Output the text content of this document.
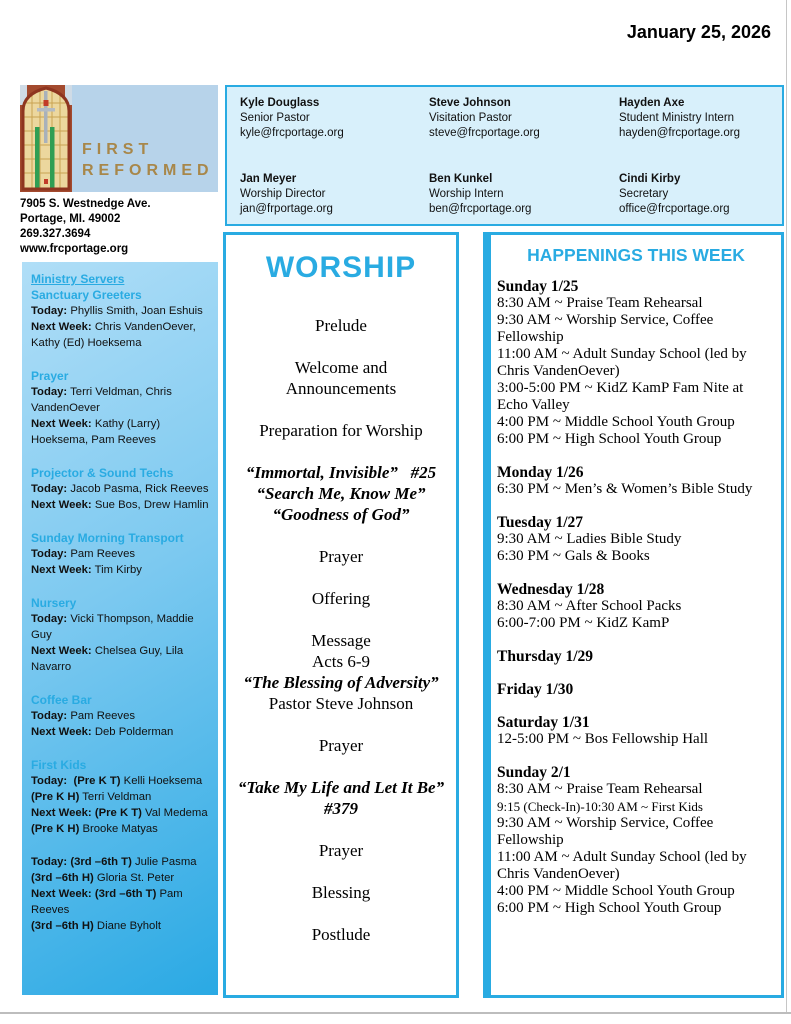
January 25, 2026
FIRST
REFORMED
7905 S. Westnedge Ave.
Portage, MI. 49002
269.327.3694
www.frcportage.org
Kyle Douglass
Senior Pastor
kyle@frcportage.org
Steve Johnson
Visitation Pastor
steve@frcportage.org
Hayden Axe
Student Ministry Intern
hayden@frcportage.org
Jan Meyer
Worship Director
jan@frportage.org
Ben Kunkel
Worship Intern
ben@frcportage.org
Cindi Kirby
Secretary
office@frcportage.org
Ministry Servers
Sanctuary Greeters
Today: Phyllis Smith, Joan Eshuis
Next Week: Chris VandenOever, Kathy (Ed) Hoeksema
Prayer
Today: Terri Veldman, Chris VandenOever
Next Week: Kathy (Larry) Hoeksema, Pam Reeves
Projector & Sound Techs
Today: Jacob Pasma, Rick Reeves
Next Week: Sue Bos, Drew Hamlin
Sunday Morning Transport
Today: Pam Reeves
Next Week: Tim Kirby
Nursery
Today: Vicki Thompson, Maddie Guy
Next Week: Chelsea Guy, Lila Navarro
Coffee Bar
Today: Pam Reeves
Next Week: Deb Polderman
First Kids
Today:  (Pre K T) Kelli Hoeksema
(Pre K H) Terri Veldman
Next Week: (Pre K T) Val Medema
(Pre K H) Brooke Matyas
Today: (3rd –6th T) Julie Pasma
(3rd –6th H) Gloria St. Peter
Next Week: (3rd –6th T) Pam Reeves
(3rd –6th H) Diane Byholt
WORSHIP
Prelude
Welcome and
Announcements
Preparation for Worship
“Immortal, Invisible”   #25
“Search Me, Know Me”
“Goodness of God”
Prayer
Offering
Message
Acts 6-9
“The Blessing of Adversity”
Pastor Steve Johnson
Prayer
“Take My Life and Let It Be”
#379
Prayer
Blessing
Postlude
HAPPENINGS THIS WEEK
Sunday 1/25
8:30 AM ~ Praise Team Rehearsal
9:30 AM ~ Worship Service, Coffee Fellowship
11:00 AM ~ Adult Sunday School (led by Chris VandenOever)
3:00-5:00 PM ~ KidZ KamP Fam Nite at Echo Valley
4:00 PM ~ Middle School Youth Group
6:00 PM ~ High School Youth Group
Monday 1/26
6:30 PM ~ Men’s & Women’s Bible Study
Tuesday 1/27
9:30 AM ~ Ladies Bible Study
6:30 PM ~ Gals & Books
Wednesday 1/28
8:30 AM ~ After School Packs
6:00-7:00 PM ~ KidZ KamP
Thursday 1/29
Friday 1/30
Saturday 1/31
12-5:00 PM ~ Bos Fellowship Hall
Sunday 2/1
8:30 AM ~ Praise Team Rehearsal
9:15 (Check-In)-10:30 AM ~ First Kids
9:30 AM ~ Worship Service, Coffee Fellowship
11:00 AM ~ Adult Sunday School (led by Chris VandenOever)
4:00 PM ~ Middle School Youth Group
6:00 PM ~ High School Youth Group
